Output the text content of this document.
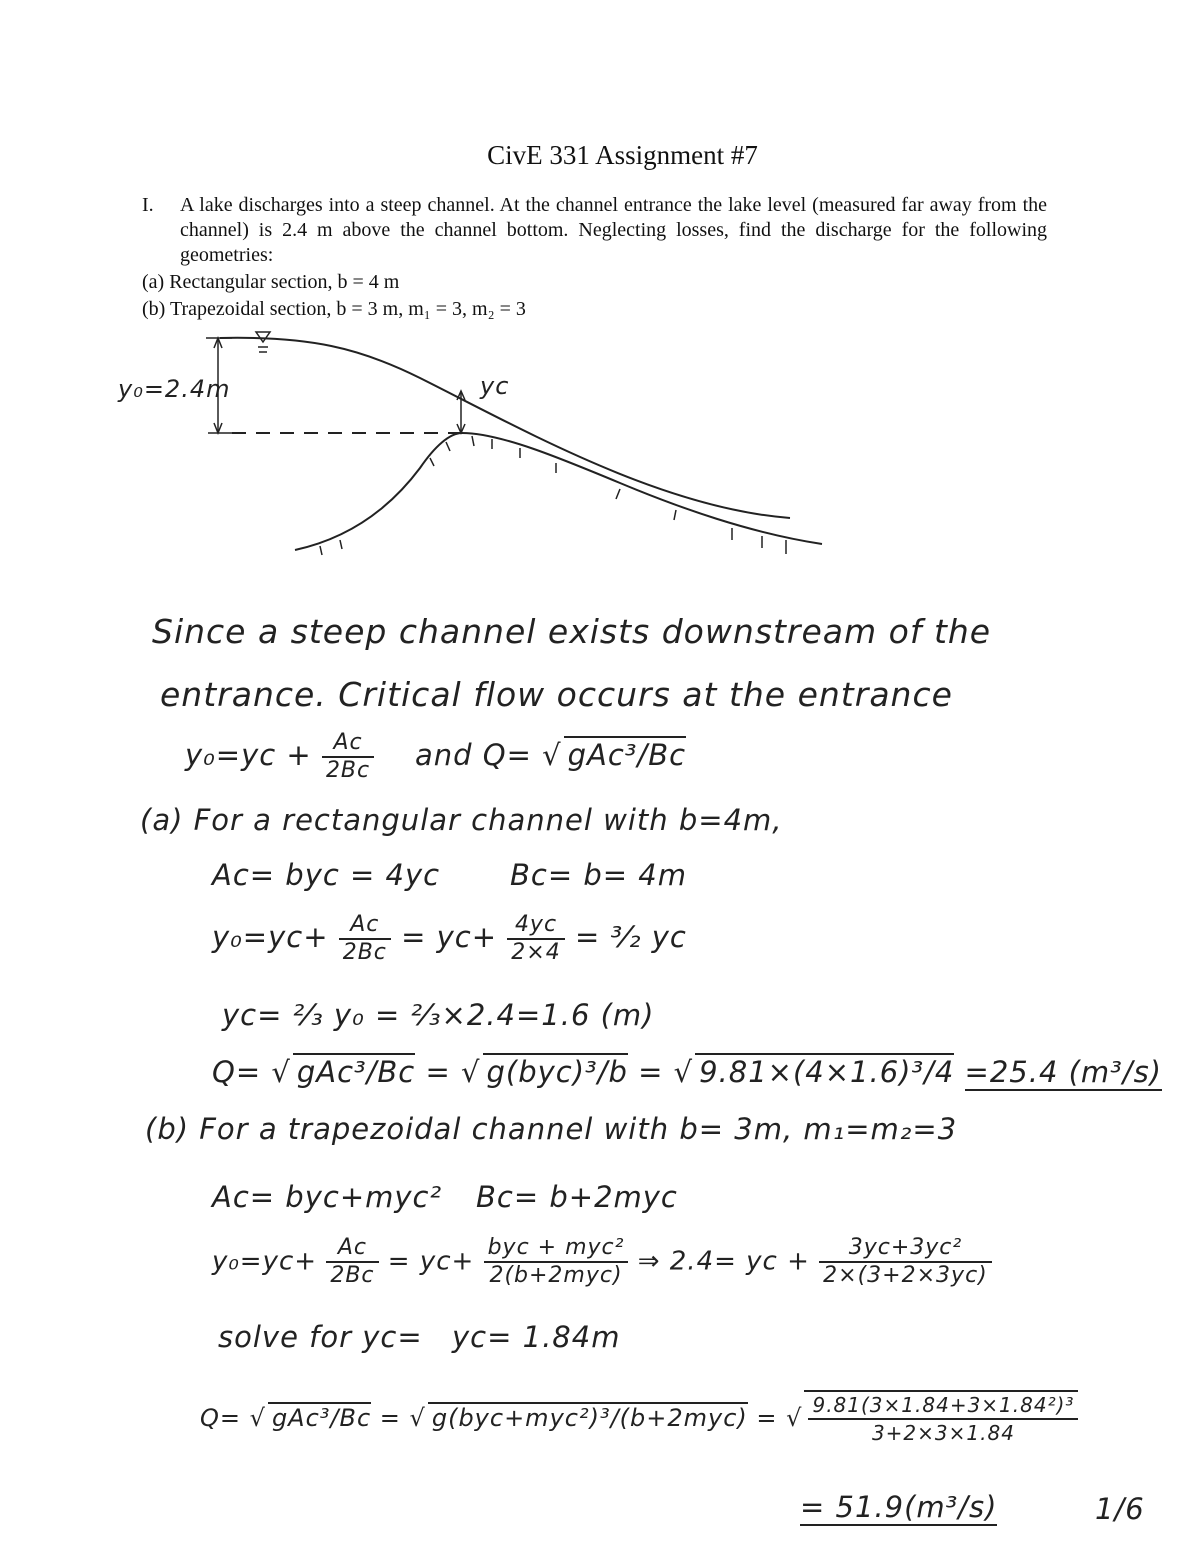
CivE 331 Assignment #7
I. A lake discharges into a steep channel. At the channel entrance the lake level (measured far away from the channel) is 2.4 m above the channel bottom. Neglecting losses, find the discharge for the following geometries:
(a) Rectangular section, b = 4 m
(b) Trapezoidal section, b = 3 m, m₁ = 3, m₂ = 3
y₀=2.4m	yᴄ
Since a steep channel exists downstream of the
entrance. Critical flow occurs at the entrance
y₀=yᴄ + $\frac{\text{Aᴄ}}{\text{2Bᴄ}}$ and Q= √ gAᴄ³/Bᴄ
(a) For a rectangular channel with b=4m,
Aᴄ= byᴄ = 4yᴄ Bᴄ= b= 4m
y₀=yᴄ+ $\frac{\text{Aᴄ}}{\text{2Bᴄ}}$ = yᴄ+ $\frac{\text{4yᴄ}}{2\times 4}$ = ³⁄₂ yᴄ
yᴄ= ²⁄₃ y₀ = ²⁄₃×2.4=1.6 (m)
Q= √ gAᴄ³/Bᴄ = √ g(byᴄ)³/b = √ 9.81×(4×1.6)³/4 =25.4 (m³/s)
(b) For a trapezoidal channel with b= 3m, m₁=m₂=3
Aᴄ= byᴄ+myᴄ² Bᴄ= b+2myᴄ
y₀=yᴄ+ $\frac{\text{Aᴄ}}{\text{2Bᴄ}}$ = yᴄ+ $\frac{\text{byᴄ + myᴄ²}}{\text{2(b+2myᴄ)}}$ ⇒ 2.4= yᴄ + $\frac{\text{3yᴄ+3yᴄ²}}{\text{2×(3+2×3yᴄ)}}$
solve for yᴄ= yᴄ= 1.84m
Q= √ gAᴄ³/Bᴄ = √ g(byᴄ+myᴄ²)³/(b+2myᴄ) = √ $\frac{\text{9.81(3×1.84+3×1.84²)³}}{3+2\times 3\times 1.84}$
= 51.9(m³/s)	1/6
